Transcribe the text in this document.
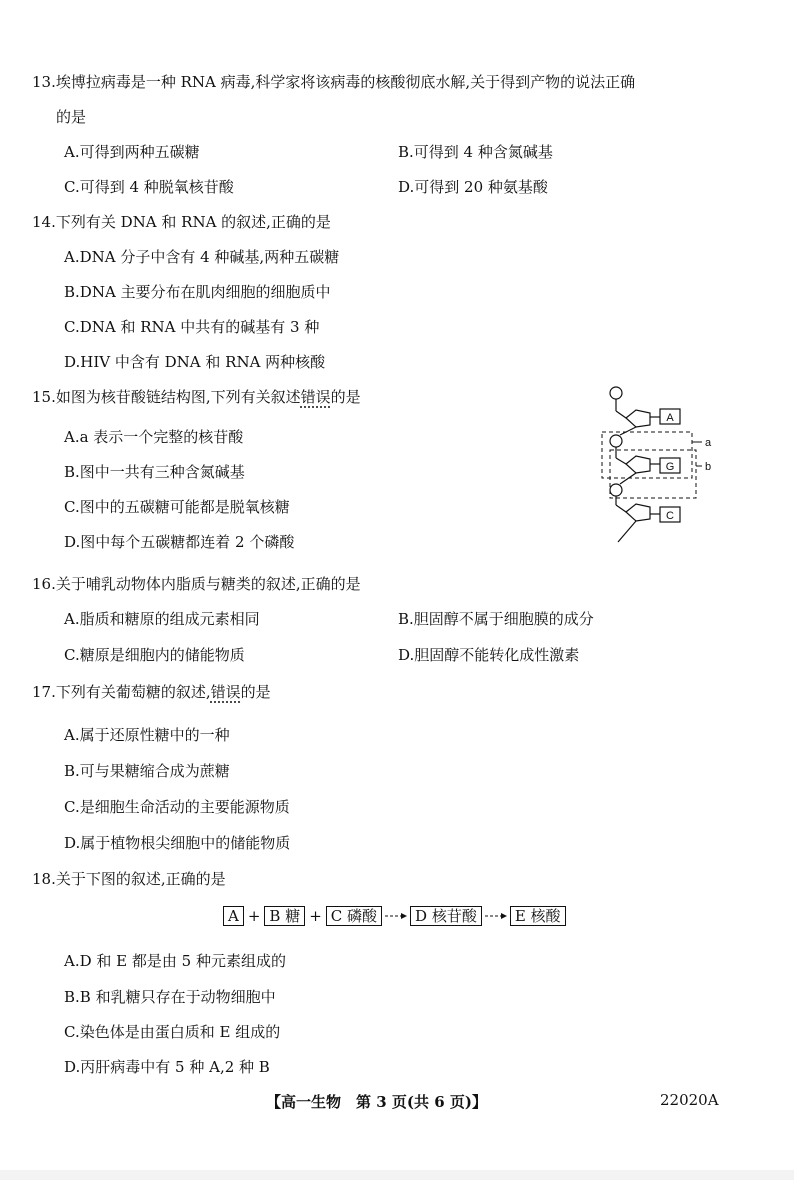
13.埃博拉病毒是一种 RNA 病毒,科学家将该病毒的核酸彻底水解,关于得到产物的说法正确
的是
A.可得到两种五碳糖	B.可得到 4 种含氮碱基
C.可得到 4 种脱氧核苷酸	D.可得到 20 种氨基酸
14.下列有关 DNA 和 RNA 的叙述,正确的是
A.DNA 分子中含有 4 种碱基,两种五碳糖
B.DNA 主要分布在肌肉细胞的细胞质中
C.DNA 和 RNA 中共有的碱基有 3 种
D.HIV 中含有 DNA 和 RNA 两种核酸
15.如图为核苷酸链结构图,下列有关叙述错误的是
A.a 表示一个完整的核苷酸
B.图中一共有三种含氮碱基
C.图中的五碳糖可能都是脱氧核糖
D.图中每个五碳糖都连着 2 个磷酸
A
G
C
a
b
16.关于哺乳动物体内脂质与糖类的叙述,正确的是
A.脂质和糖原的组成元素相同	B.胆固醇不属于细胞膜的成分
C.糖原是细胞内的储能物质	D.胆固醇不能转化成性激素
17.下列有关葡萄糖的叙述,错误的是
A.属于还原性糖中的一种
B.可与果糖缩合成为蔗糖
C.是细胞生命活动的主要能源物质
D.属于植物根尖细胞中的储能物质
18.关于下图的叙述,正确的是
A + B 糖 + C 磷酸	D 核苷酸	E 核酸
A.D 和 E 都是由 5 种元素组成的
B.B 和乳糖只存在于动物细胞中
C.染色体是由蛋白质和 E 组成的
D.丙肝病毒中有 5 种 A,2 种 B
【高一生物　第 3 页(共 6 页)】	22020A
